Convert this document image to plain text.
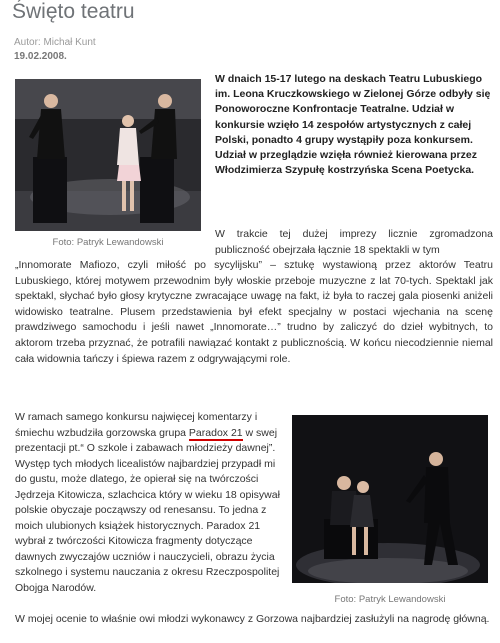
Święto teatru
Autor: Michał Kunt
19.02.2008.
Foto: Patryk Lewandowski
W dnaich 15-17 lutego na deskach Teatru Lubuskiego im. Leona Kruczkowskiego w Zielonej Górze odbyły się Ponoworoczne Konfrontacje Teatralne. Udział w konkursie wzięło 14 zespołów artystycznych z całej Polski, ponadto 4 grupy wystąpiły poza konkursem. Udział w przeglądzie wzięła również kierowana przez Włodzimierza Szypułę kostrzyńska Scena Poetycka.
W trakcie tej dużej imprezy licznie zgromadzona publiczność obejrzała łącznie 18 spektakli w tym
„Innomorate Mafiozo, czyli miłość po sycylijsku” – sztukę wystawioną przez aktorów Teatru Lubuskiego, której motywem przewodnim były włoskie przeboje muzyczne z lat 70-tych. Spektakl jak spektakl, słychać było głosy krytyczne zwracające uwagę na fakt, iż była to raczej gala piosenki aniżeli widowisko teatralne. Plusem przedstawienia był efekt specjalny w postaci wjechania na scenę prawdziwego samochodu i jeśli nawet „Innomorate…” trudno by zaliczyć do dzieł wybitnych, to aktorom trzeba przyznać, że potrafili nawiązać kontakt z publicznością. W końcu niecodziennie niemal cała widownia tańczy i śpiewa razem z odgrywającymi role.
W ramach samego konkursu najwięcej komentarzy i śmiechu wzbudziła gorzowska grupa Paradox 21 w swej prezentacji pt.“ O szkole i zabawach młodzieży dawnej”. Występ tych młodych licealistów najbardziej przypadł mi do gustu, może dlatego, że opierał się na twórczości Jędrzeja Kitowicza, szlachcica który w wieku 18 opisywał polskie obyczaje począwszy od renesansu. To jedna z moich ulubionych książek historycznych. Paradox 21 wybrał z twórczości Kitowicza fragmenty dotyczące dawnych zwyczajów uczniów i nauczycieli, obrazu życia szkolnego i systemu nauczania z okresu Rzeczpospolitej Obojga Narodów.
W mojej ocenie to właśnie owi młodzi wykonawcy z Gorzowa najbardziej zasłużyli na nagrodę główną.
Foto: Patryk Lewandowski
